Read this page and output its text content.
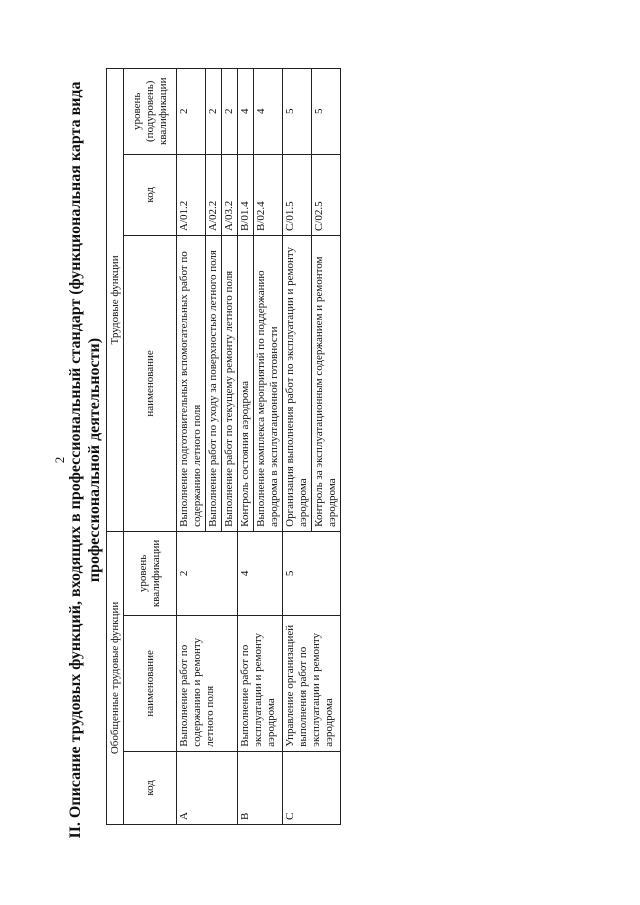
2 II. Описание трудовых функций, входящих в профессиональный стандарт (функциональная карта вида профессиональной деятельности)
Обобщенные трудовые функции			Трудовые функции		
код	наименование	уровень квалификации	наименование	код	уровень (подуровень) квалификации
A	Выполнение работ по содержанию и ремонту летного поля	2	Выполнение подготовительных вспомогательных работ по содержанию летного поля	A/01.2	2
			Выполнение работ по уходу за поверхностью летного поля	A/02.2	2
			Выполнение работ по текущему ремонту летного поля	A/03.2	2
B	Выполнение работ по эксплуатации и ремонту аэродрома	4	Контроль состояния аэродрома	B/01.4	4
			Выполнение комплекса мероприятий по поддержанию аэродрома в эксплуатационной готовности	B/02.4	4
C	Управление организацией выполнения работ по эксплуатации и ремонту аэродрома	5	Организация выполнения работ по эксплуатации и ремонту аэродрома	C/01.5	5
			Контроль за эксплуатационным содержанием и ремонтом аэродрома	C/02.5	5
